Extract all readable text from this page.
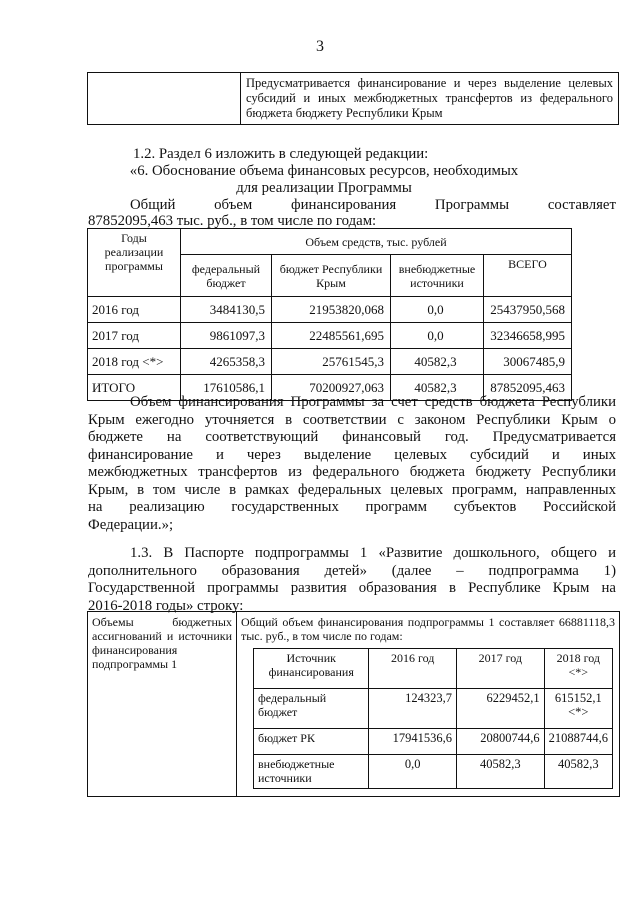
3
	Предусматривается финансирование и через выделение целевых субсидий и иных межбюджетных трансфертов из федерального бюджета бюджету Республики Крым
1.2. Раздел 6 изложить в следующей редакции:
«6. Обоснование объема финансовых ресурсов, необходимых
для реализации Программы
Общий	объем	финансирования	Программы	составляет
87852095,463 тыс. руб., в том числе по годам:
Годы реализации программы	Объем средств, тыс. рублей			
	федеральный бюджет	бюджет Республики Крым	внебюджетные источники	ВСЕГО
2016 год	3484130,5	21953820,068	0,0	25437950,568
2017 год	9861097,3	22485561,695	0,0	32346658,995
2018 год <*>	4265358,3	25761545,3	40582,3	30067485,9
ИТОГО	17610586,1	70200927,063	40582,3	87852095,463
Объем финансирования Программы за счет средств бюджета Республики
Крым ежегодно уточняется в соответствии с законом Республики Крым о
бюджете на соответствующий финансовый год. Предусматривается
финансирование и через выделение целевых субсидий и иных
межбюджетных трансфертов из федерального бюджета бюджету Республики
Крым, в том числе в рамках федеральных целевых программ, направленных
на реализацию государственных программ субъектов Российской
Федерации.»;
1.3. В Паспорте подпрограммы 1 «Развитие дошкольного, общего и
дополнительного образования детей» (далее – подпрограмма 1)
Государственной программы развития образования в Республике Крым на
2016-2018 годы» строку:
Объемы бюджетных ассигнований и источники финансирования подпрограммы 1	
Общий объем финансирования подпрограммы 1 составляет 66881118,3 тыс. руб., в том числе по годам:
Источник финансирования	2016 год	2017 год	2018 год <*>
федеральный бюджет	124323,7	6229452,1	615152,1 <*>
бюджет РК	17941536,6	20800744,6	21088744,6
внебюджетные источники	0,0	40582,3	40582,3
